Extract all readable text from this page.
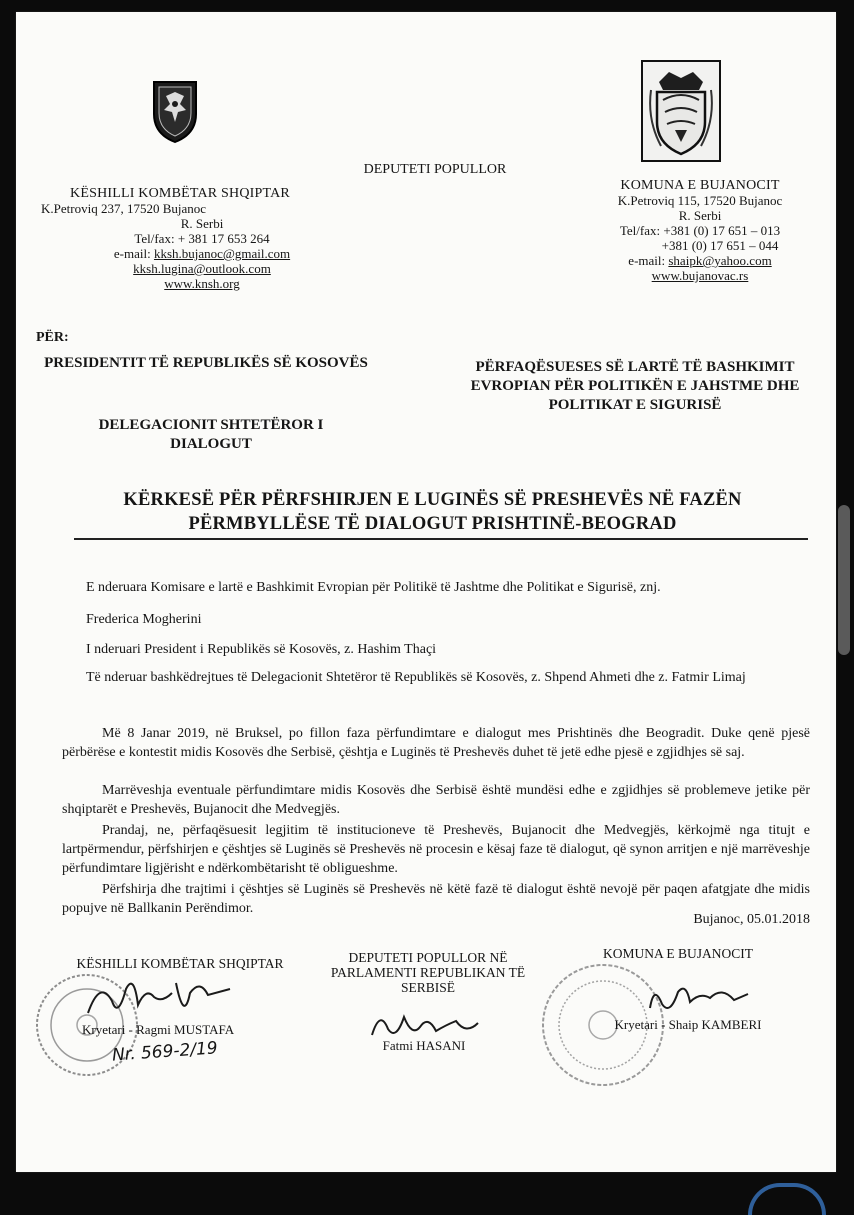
KËSHILLI KOMBËTAR SHQIPTAR
K.Petroviq 237, 17520 Bujanoc
R. Serbi
Tel/fax: + 381 17 653 264
e-mail: kksh.bujanoc@gmail.com
kksh.lugina@outlook.com
www.knsh.org
DEPUTETI POPULLOR
KOMUNA E BUJANOCIT
K.Petroviq 115, 17520 Bujanoc
R. Serbi
Tel/fax: +381 (0) 17 651 – 013
+381 (0) 17 651 – 044
e-mail: shaipk@yahoo.com
www.bujanovac.rs
PËR:
PRESIDENTIT TË REPUBLIKËS SË KOSOVËS
DELEGACIONIT SHTETËROR I DIALOGUT
PËRFAQËSUESES SË LARTË TË BASHKIMIT EVROPIAN PËR POLITIKËN E JAHSTME DHE POLITIKAT E SIGURISË
KËRKESË PËR PËRFSHIRJEN E LUGINËS SË PRESHEVËS NË FAZËN
PËRMBYLLËSE TË DIALOGUT PRISHTINË-BEOGRAD
E nderuara Komisare e lartë e Bashkimit Evropian për Politikë të Jashtme dhe Politikat e Sigurisë, znj.
Frederica Mogherini
I nderuari President i Republikës së Kosovës, z. Hashim Thaçi
Të nderuar bashkëdrejtues të Delegacionit Shtetëror të Republikës së Kosovës, z. Shpend Ahmeti dhe z. Fatmir Limaj
Më 8 Janar 2019, në Bruksel, po fillon faza përfundimtare e dialogut mes Prishtinës dhe Beogradit. Duke qenë pjesë përbërëse e kontestit midis Kosovës dhe Serbisë, çështja e Luginës të Preshevës duhet të jetë edhe pjesë e zgjidhjes së saj.
Marrëveshja eventuale përfundimtare midis Kosovës dhe Serbisë është mundësi edhe e zgjidhjes së problemeve jetike për shqiptarët e Preshevës, Bujanocit dhe Medvegjës.
Prandaj, ne, përfaqësuesit legjitim të institucioneve të Preshevës, Bujanocit dhe Medvegjës, kërkojmë nga titujt e lartpërmendur, përfshirjen e çështjes së Luginës së Preshevës në procesin e kësaj faze të dialogut, që synon arritjen e një marrëveshje përfundimtare ligjërisht e ndërkombëtarisht të obligueshme.
Përfshirja dhe trajtimi i çështjes së Luginës së Preshevës në këtë fazë të dialogut është nevojë për paqen afatgjate dhe midis popujve në Ballkanin Perëndimor.
Bujanoc, 05.01.2018
KËSHILLI KOMBËTAR SHQIPTAR	DEPUTETI POPULLOR NË
PARLAMENTI REPUBLIKAN TË
SERBISË
KOMUNA E BUJANOCIT
Kryetari - Ragmi MUSTAFA
Nr. 569-2/19	Fatmi HASANI
Kryetari - Shaip KAMBERI
